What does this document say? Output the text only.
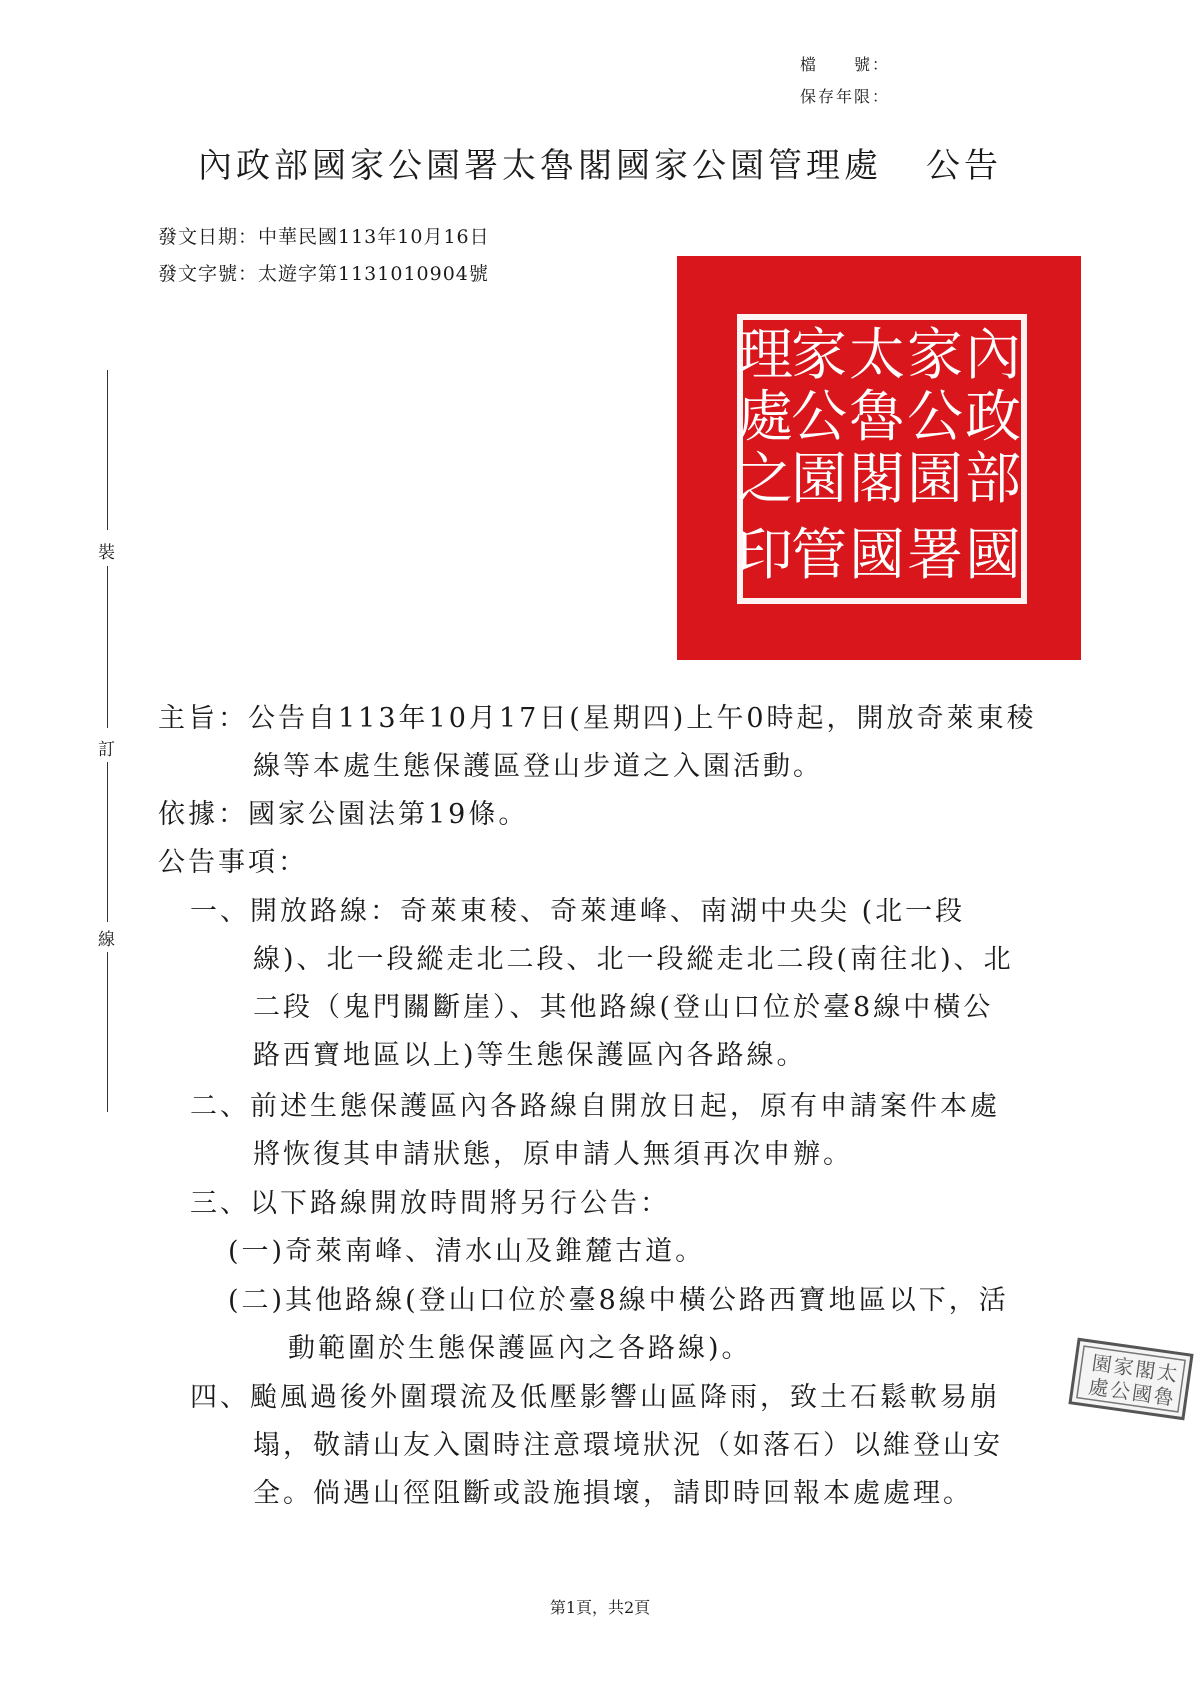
檔　　號：
保存年限：
內政部國家公園署太魯閣國家公園管理處 公告
發文日期：中華民國113年10月16日
發文字號：太遊字第1131010904號
裝
訂
線
內
政
部
國
家
公
園
署
太
魯
閣
國
家
公
園
管
理
處
之
印
太
魯
閣
國
家
公
園
處
主旨：公告自113年10月17日(星期四)上午0時起，開放奇萊東稜
線等本處生態保護區登山步道之入園活動。
依據：國家公園法第19條。
公告事項：
一、開放路線：奇萊東稜、奇萊連峰、南湖中央尖 (北一段
線)、北一段縱走北二段、北一段縱走北二段(南往北)、北
二段（鬼門關斷崖）、其他路線(登山口位於臺8線中橫公
路西寶地區以上)等生態保護區內各路線。
二、前述生態保護區內各路線自開放日起，原有申請案件本處
將恢復其申請狀態，原申請人無須再次申辦。
三、以下路線開放時間將另行公告：
(一)奇萊南峰、清水山及錐麓古道。
(二)其他路線(登山口位於臺8線中橫公路西寶地區以下，活
動範圍於生態保護區內之各路線)。
四、颱風過後外圍環流及低壓影響山區降雨，致土石鬆軟易崩
塌，敬請山友入園時注意環境狀況（如落石）以維登山安
全。倘遇山徑阻斷或設施損壞，請即時回報本處處理。
第1頁，共2頁
